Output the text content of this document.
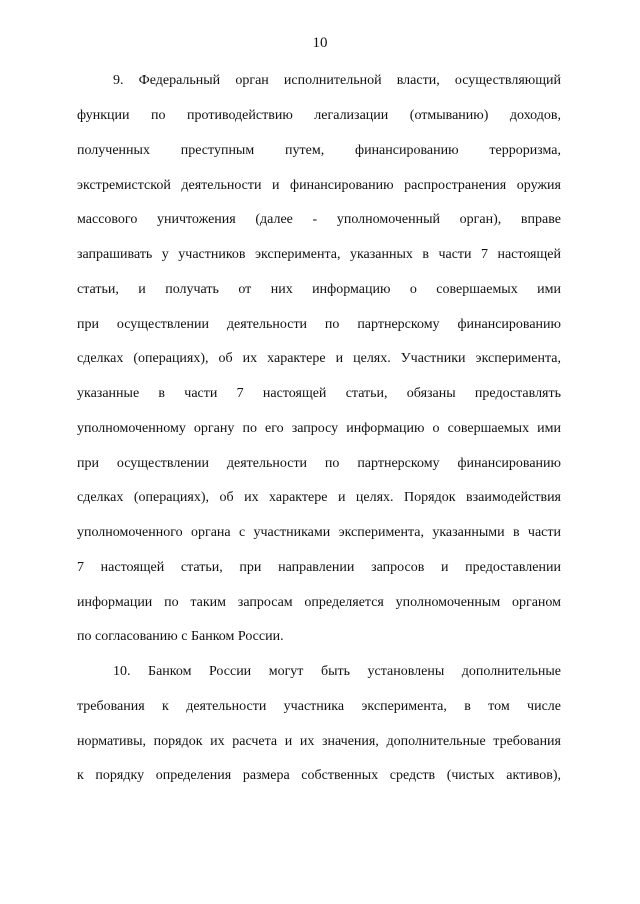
10
9. Федеральный орган исполнительной власти, осуществляющий
функции по противодействию легализации (отмыванию) доходов,
полученных преступным путем, финансированию терроризма,
экстремистской деятельности и финансированию распространения оружия
массового уничтожения (далее - уполномоченный орган), вправе
запрашивать у участников эксперимента, указанных в части 7 настоящей
статьи, и получать от них информацию о совершаемых ими
при осуществлении деятельности по партнерскому финансированию
сделках (операциях), об их характере и целях. Участники эксперимента,
указанные в части 7 настоящей статьи, обязаны предоставлять
уполномоченному органу по его запросу информацию о совершаемых ими
при осуществлении деятельности по партнерскому финансированию
сделках (операциях), об их характере и целях. Порядок взаимодействия
уполномоченного органа с участниками эксперимента, указанными в части
7 настоящей статьи, при направлении запросов и предоставлении
информации по таким запросам определяется уполномоченным органом
по согласованию с Банком России.
10. Банком России могут быть установлены дополнительные
требования к деятельности участника эксперимента, в том числе
нормативы, порядок их расчета и их значения, дополнительные требования
к порядку определения размера собственных средств (чистых активов),
